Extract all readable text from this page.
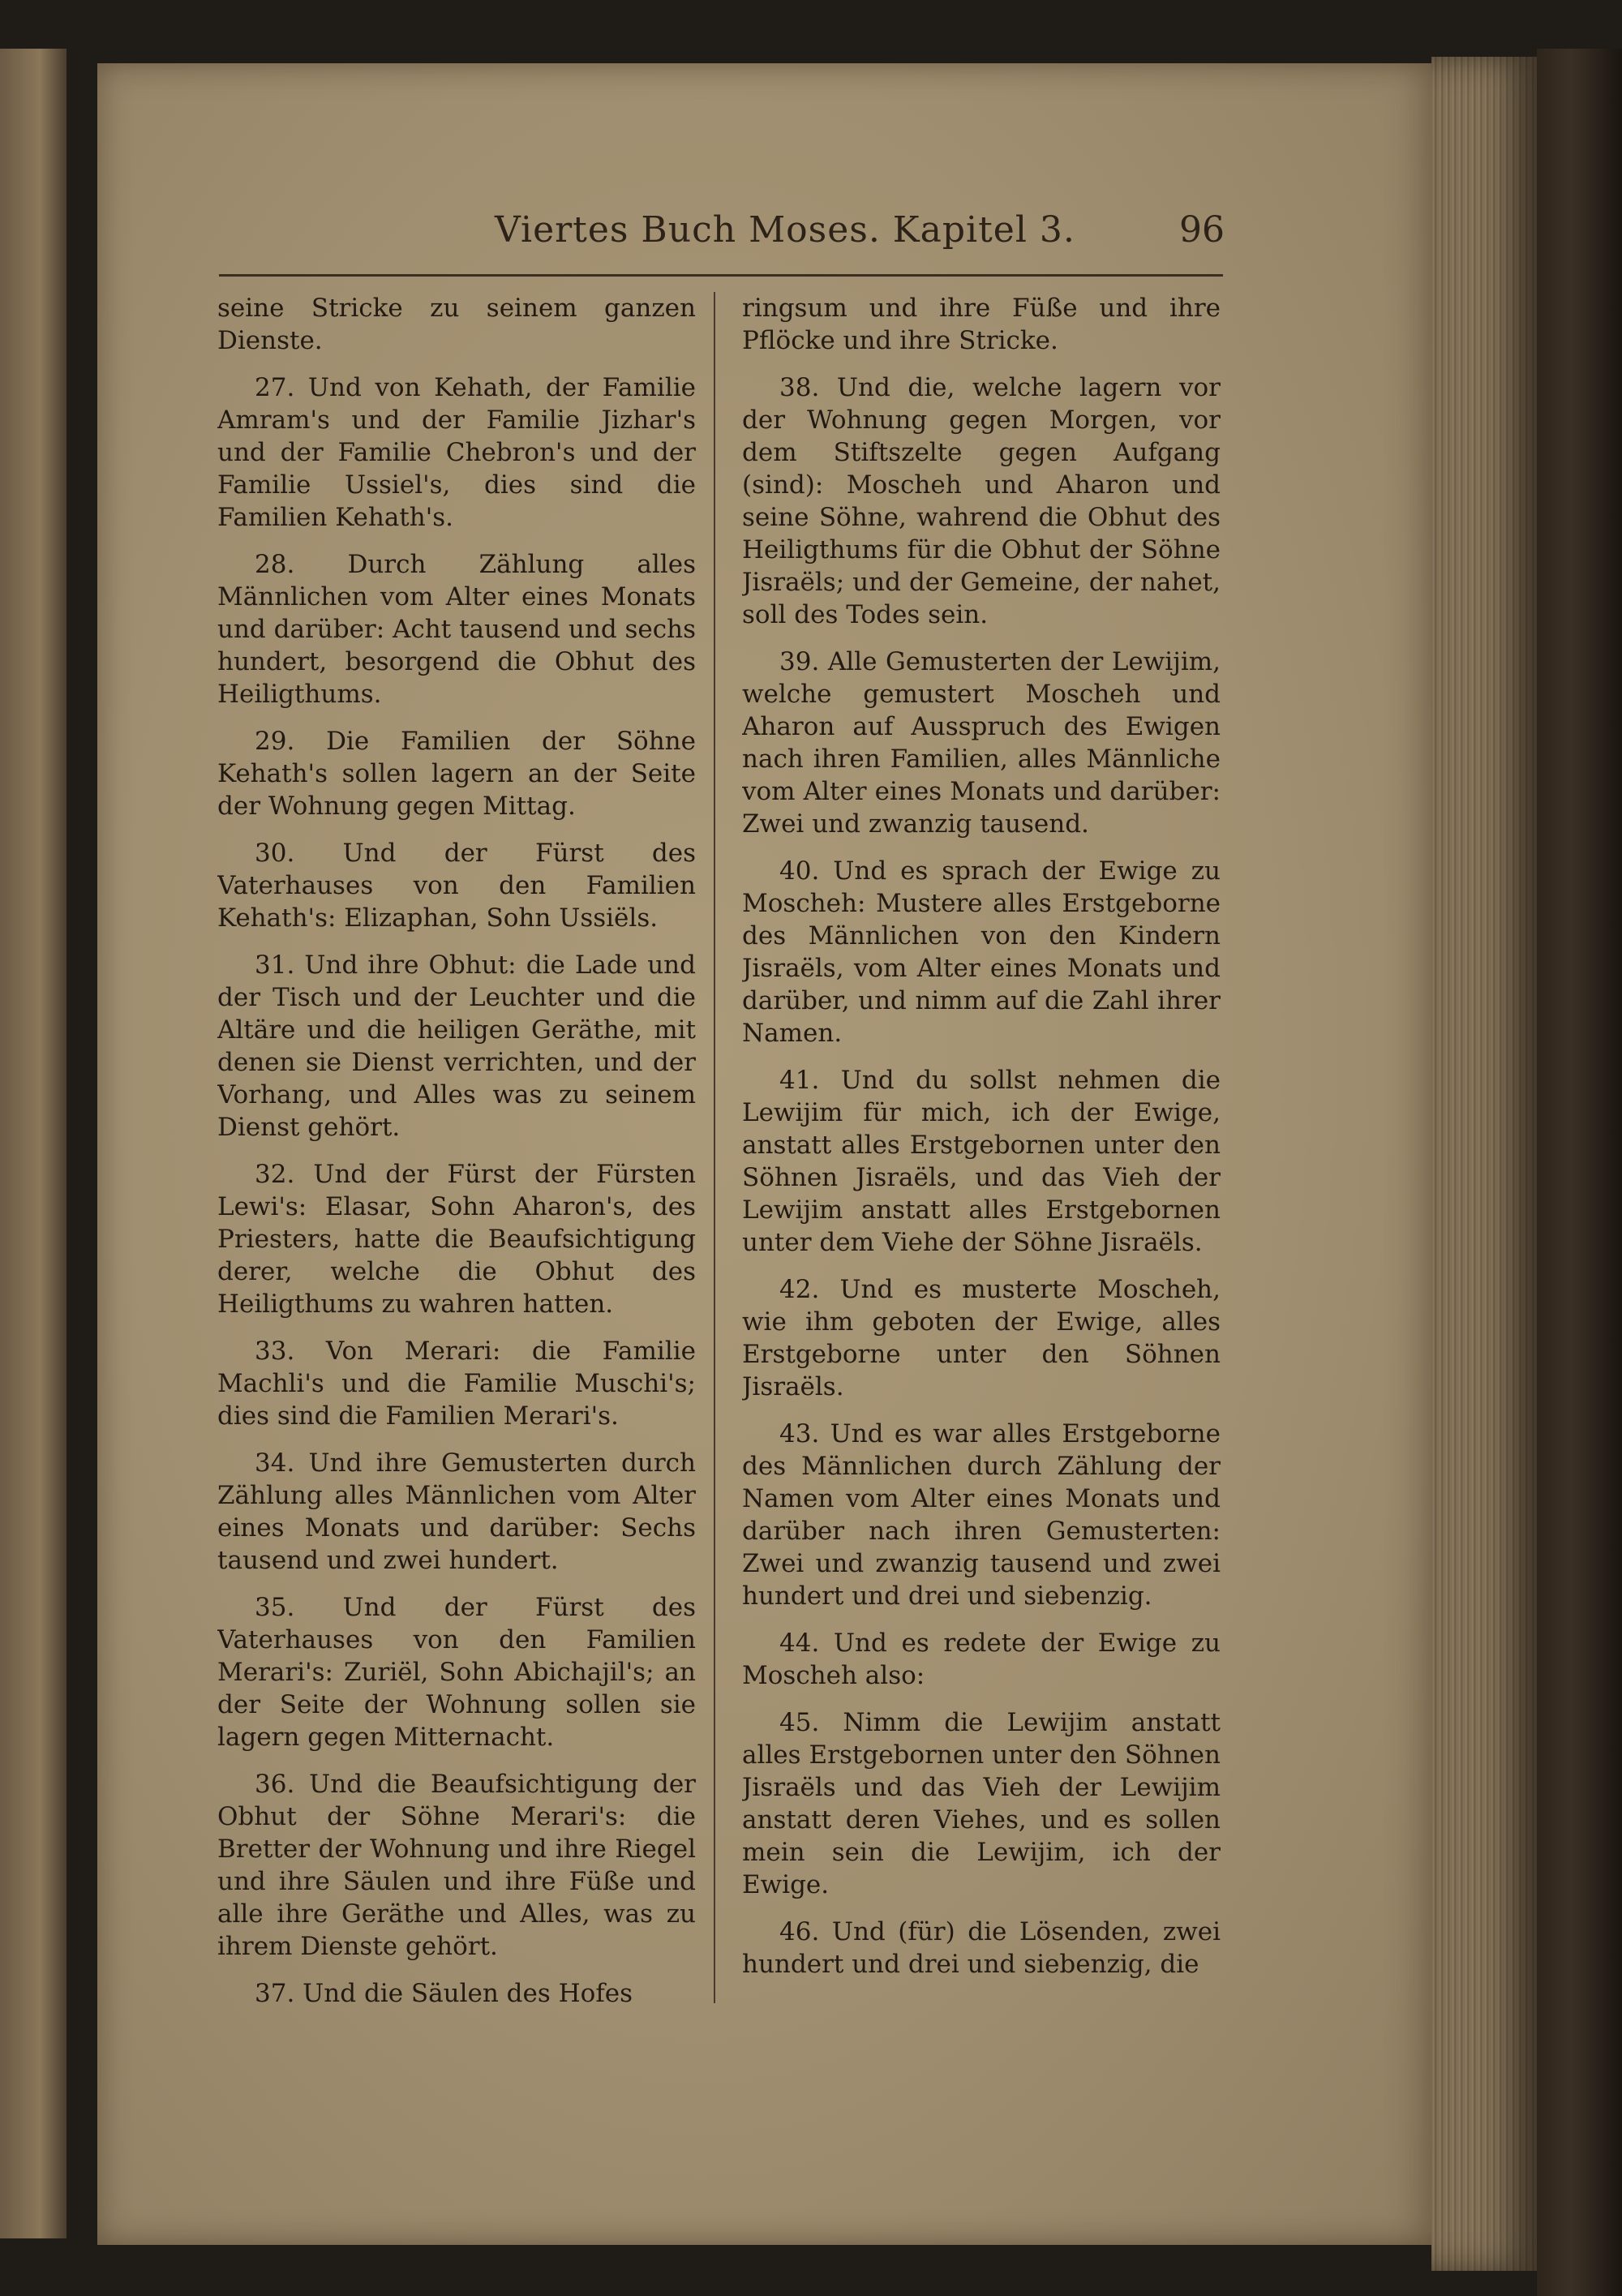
Viertes Buch Moses. Kapitel 3.	96

seine Stricke zu seinem ganzen Dienste.

27. Und von Kehath, der Familie Amram's und der Familie Jizhar's und der Familie Chebron's und der Familie Ussiel's, dies sind die Familien Kehath's.

28. Durch Zählung alles Männlichen vom Alter eines Monats und darüber: Acht tausend und sechs hundert, besorgend die Obhut des Heiligthums.

29. Die Familien der Söhne Kehath's sollen lagern an der Seite der Wohnung gegen Mittag.

30. Und der Fürst des Vaterhauses von den Familien Kehath's: Elizaphan, Sohn Ussiëls.

31. Und ihre Obhut: die Lade und der Tisch und der Leuchter und die Altäre und die heiligen Geräthe, mit denen sie Dienst verrichten, und der Vorhang, und Alles was zu seinem Dienst gehört.

32. Und der Fürst der Fürsten Lewi's: Elasar, Sohn Aharon's, des Priesters, hatte die Beaufsichtigung derer, welche die Obhut des Heiligthums zu wahren hatten.

33. Von Merari: die Familie Machli's und die Familie Muschi's; dies sind die Familien Merari's.

34. Und ihre Gemusterten durch Zählung alles Männlichen vom Alter eines Monats und darüber: Sechs tausend und zwei hundert.

35. Und der Fürst des Vaterhauses von den Familien Merari's: Zuriël, Sohn Abichajil's; an der Seite der Wohnung sollen sie lagern gegen Mitternacht.

36. Und die Beaufsichtigung der Obhut der Söhne Merari's: die Bretter der Wohnung und ihre Riegel und ihre Säulen und ihre Füße und alle ihre Geräthe und Alles, was zu ihrem Dienste gehört.

37. Und die Säulen des Hofes

ringsum und ihre Füße und ihre Pflöcke und ihre Stricke.

38. Und die, welche lagern vor der Wohnung gegen Morgen, vor dem Stiftszelte gegen Aufgang (sind): Moscheh und Aharon und seine Söhne, wahrend die Obhut des Heiligthums für die Obhut der Söhne Jisraëls; und der Gemeine, der nahet, soll des Todes sein.

39. Alle Gemusterten der Lewijim, welche gemustert Moscheh und Aharon auf Ausspruch des Ewigen nach ihren Familien, alles Männliche vom Alter eines Monats und darüber: Zwei und zwanzig tausend.

40. Und es sprach der Ewige zu Moscheh: Mustere alles Erstgeborne des Männlichen von den Kindern Jisraëls, vom Alter eines Monats und darüber, und nimm auf die Zahl ihrer Namen.

41. Und du sollst nehmen die Lewijim für mich, ich der Ewige, anstatt alles Erstgebornen unter den Söhnen Jisraëls, und das Vieh der Lewijim anstatt alles Erstgebornen unter dem Viehe der Söhne Jisraëls.

42. Und es musterte Moscheh, wie ihm geboten der Ewige, alles Erstgeborne unter den Söhnen Jisraëls.

43. Und es war alles Erstgeborne des Männlichen durch Zählung der Namen vom Alter eines Monats und darüber nach ihren Gemusterten: Zwei und zwanzig tausend und zwei hundert und drei und siebenzig.

44. Und es redete der Ewige zu Moscheh also:

45. Nimm die Lewijim anstatt alles Erstgebornen unter den Söhnen Jisraëls und das Vieh der Lewijim anstatt deren Viehes, und es sollen mein sein die Lewijim, ich der Ewige.

46. Und (für) die Lösenden, zwei hundert und drei und siebenzig, die
